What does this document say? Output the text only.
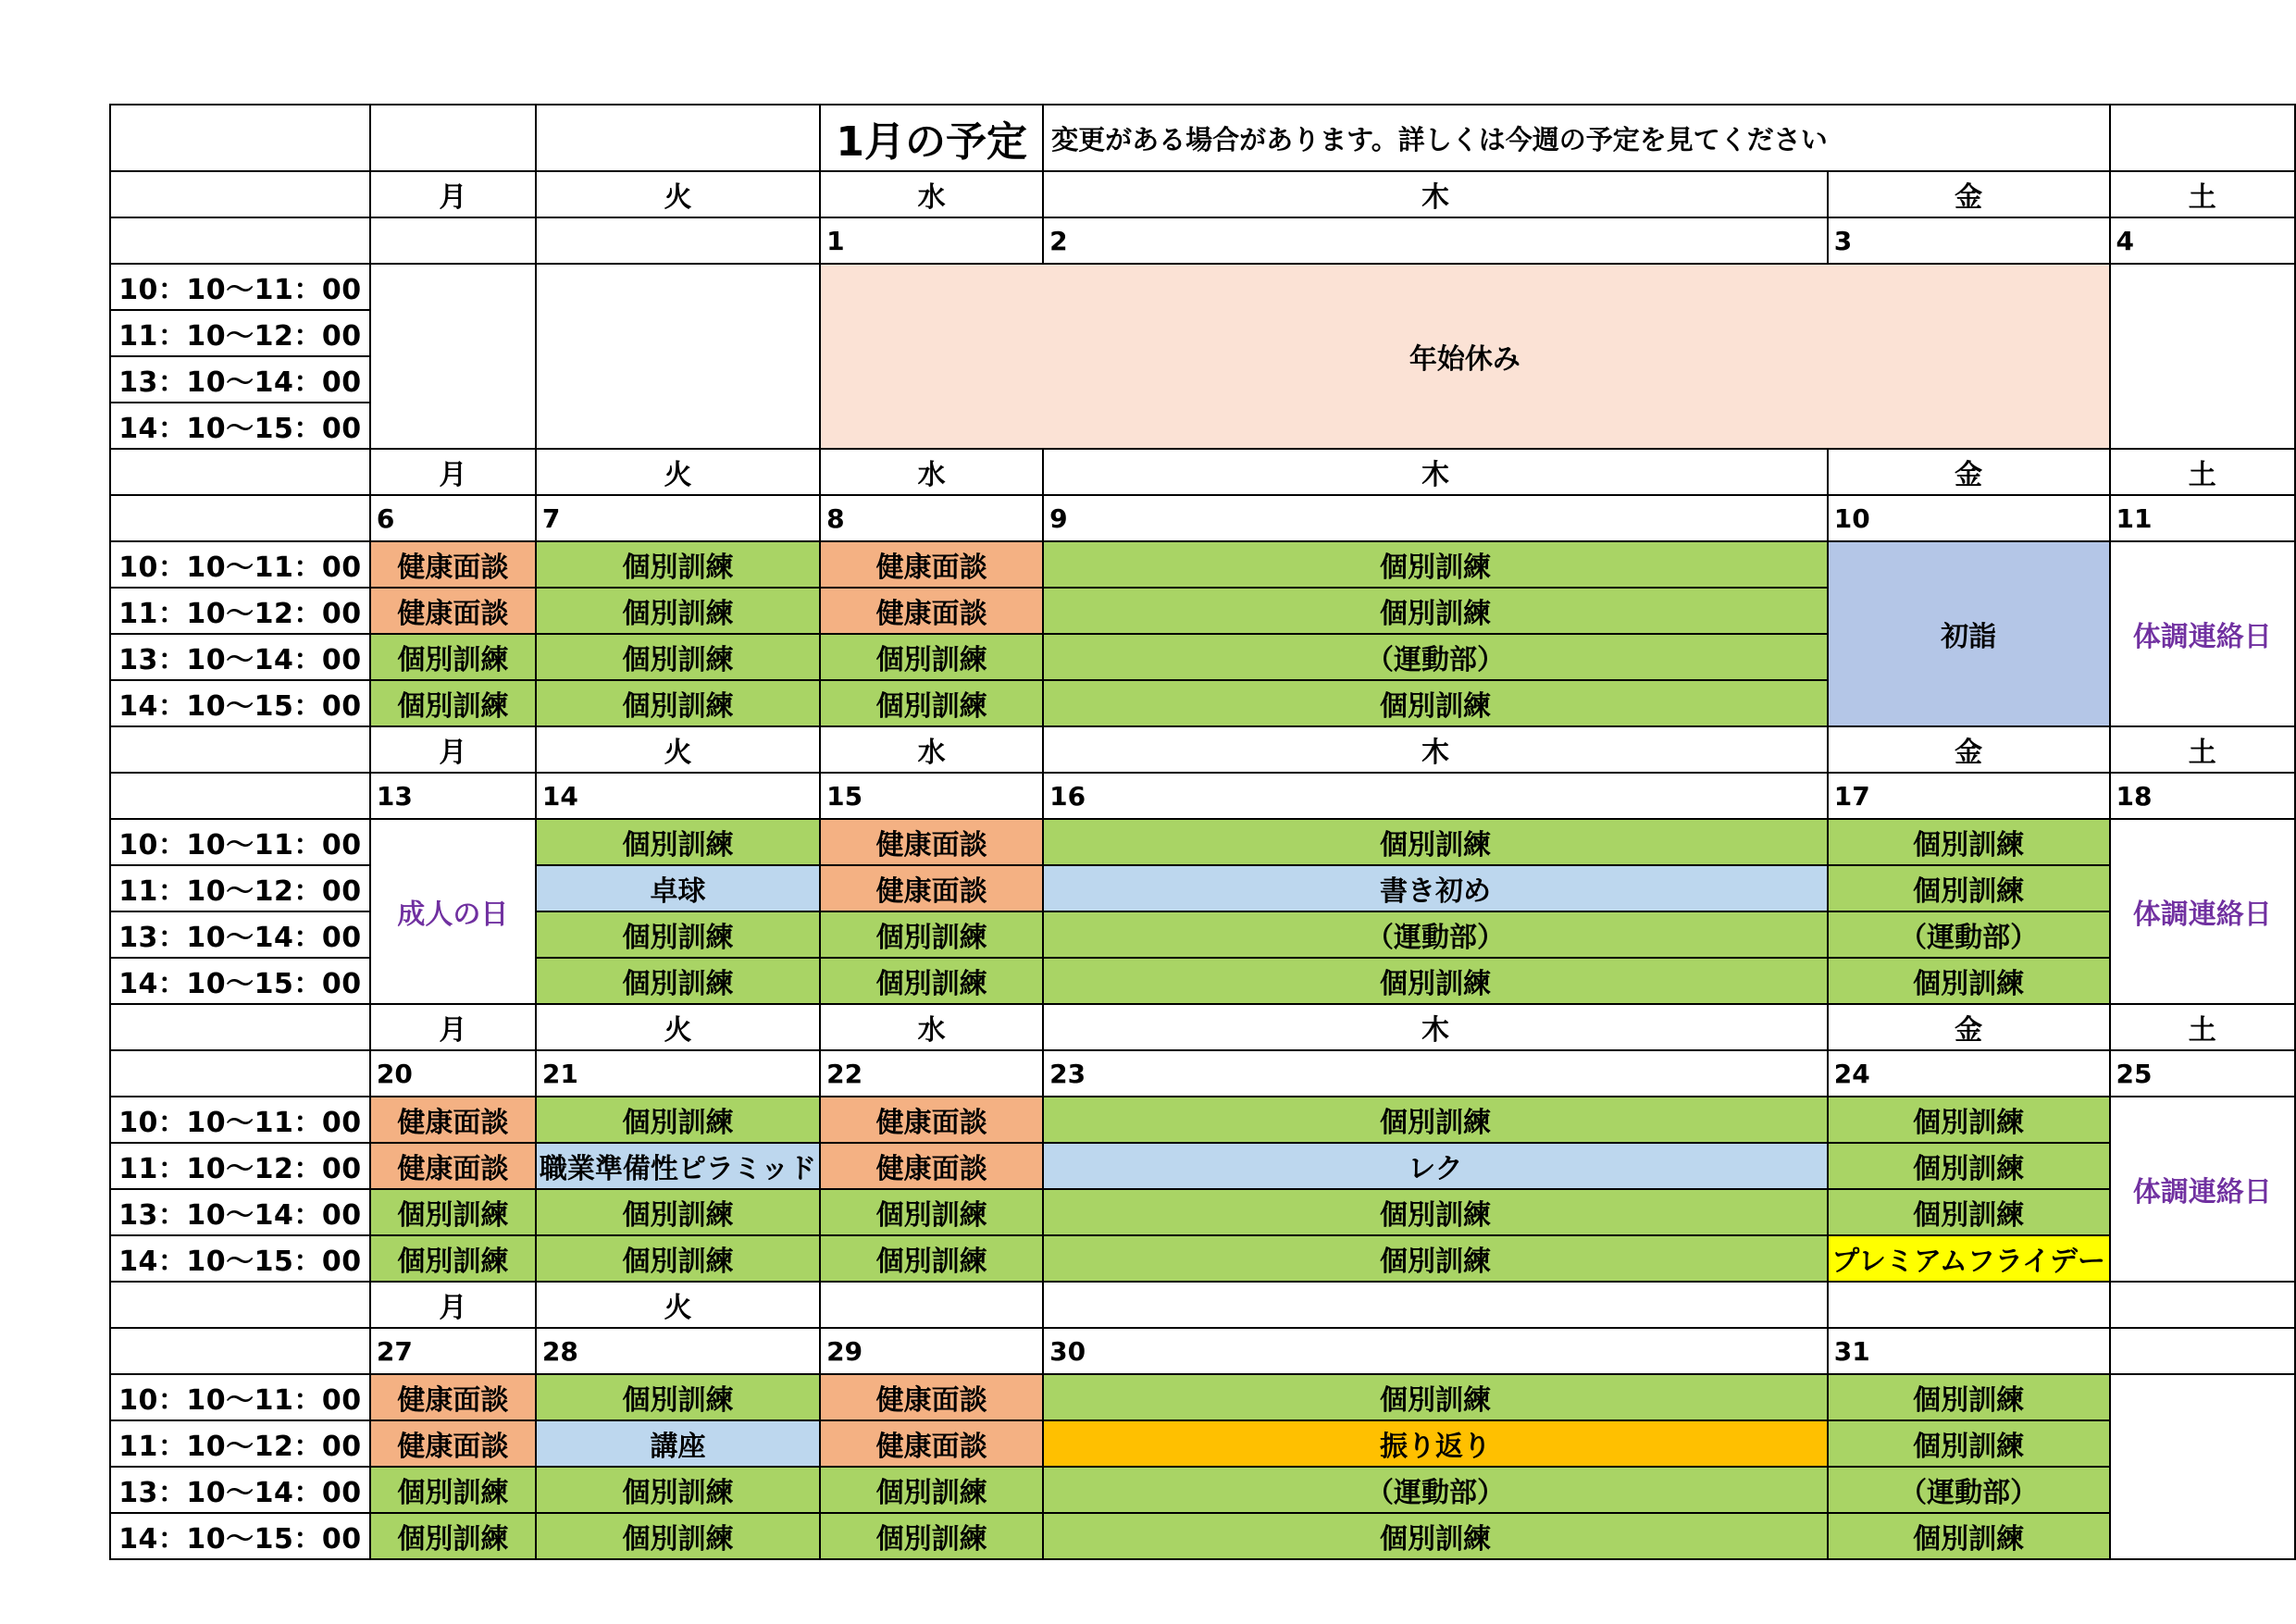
			1月の予定	変更がある場合があります。詳しくは今週の予定を見てください		
	月	火	水	木	金	土
			1	2	3	4
10：10〜11：00			年始休み			
11：10〜12：00						
13：10〜14：00						
14：10〜15：00						
	月	火	水	木	金	土
	6	7	8	9	10	11
10：10〜11：00	健康面談	個別訓練	健康面談	個別訓練	初詣	体調連絡日
11：10〜12：00	健康面談	個別訓練	健康面談	個別訓練		
13：10〜14：00	個別訓練	個別訓練	個別訓練	（運動部）		
14：10〜15：00	個別訓練	個別訓練	個別訓練	個別訓練		
	月	火	水	木	金	土
	13	14	15	16	17	18
10：10〜11：00	成人の日	個別訓練	健康面談	個別訓練	個別訓練	体調連絡日
11：10〜12：00		卓球	健康面談	書き初め	個別訓練	
13：10〜14：00		個別訓練	個別訓練	（運動部）	（運動部）	
14：10〜15：00		個別訓練	個別訓練	個別訓練	個別訓練	
	月	火	水	木	金	土
	20	21	22	23	24	25
10：10〜11：00	健康面談	個別訓練	健康面談	個別訓練	個別訓練	体調連絡日
11：10〜12：00	健康面談	職業準備性ピラミッド	健康面談	レク	個別訓練	
13：10〜14：00	個別訓練	個別訓練	個別訓練	個別訓練	個別訓練	
14：10〜15：00	個別訓練	個別訓練	個別訓練	個別訓練	プレミアムフライデー	
	月	火				
	27	28	29	30	31	
10：10〜11：00	健康面談	個別訓練	健康面談	個別訓練	個別訓練	
11：10〜12：00	健康面談	講座	健康面談	振り返り	個別訓練	
13：10〜14：00	個別訓練	個別訓練	個別訓練	（運動部）	（運動部）	
14：10〜15：00	個別訓練	個別訓練	個別訓練	個別訓練	個別訓練	
